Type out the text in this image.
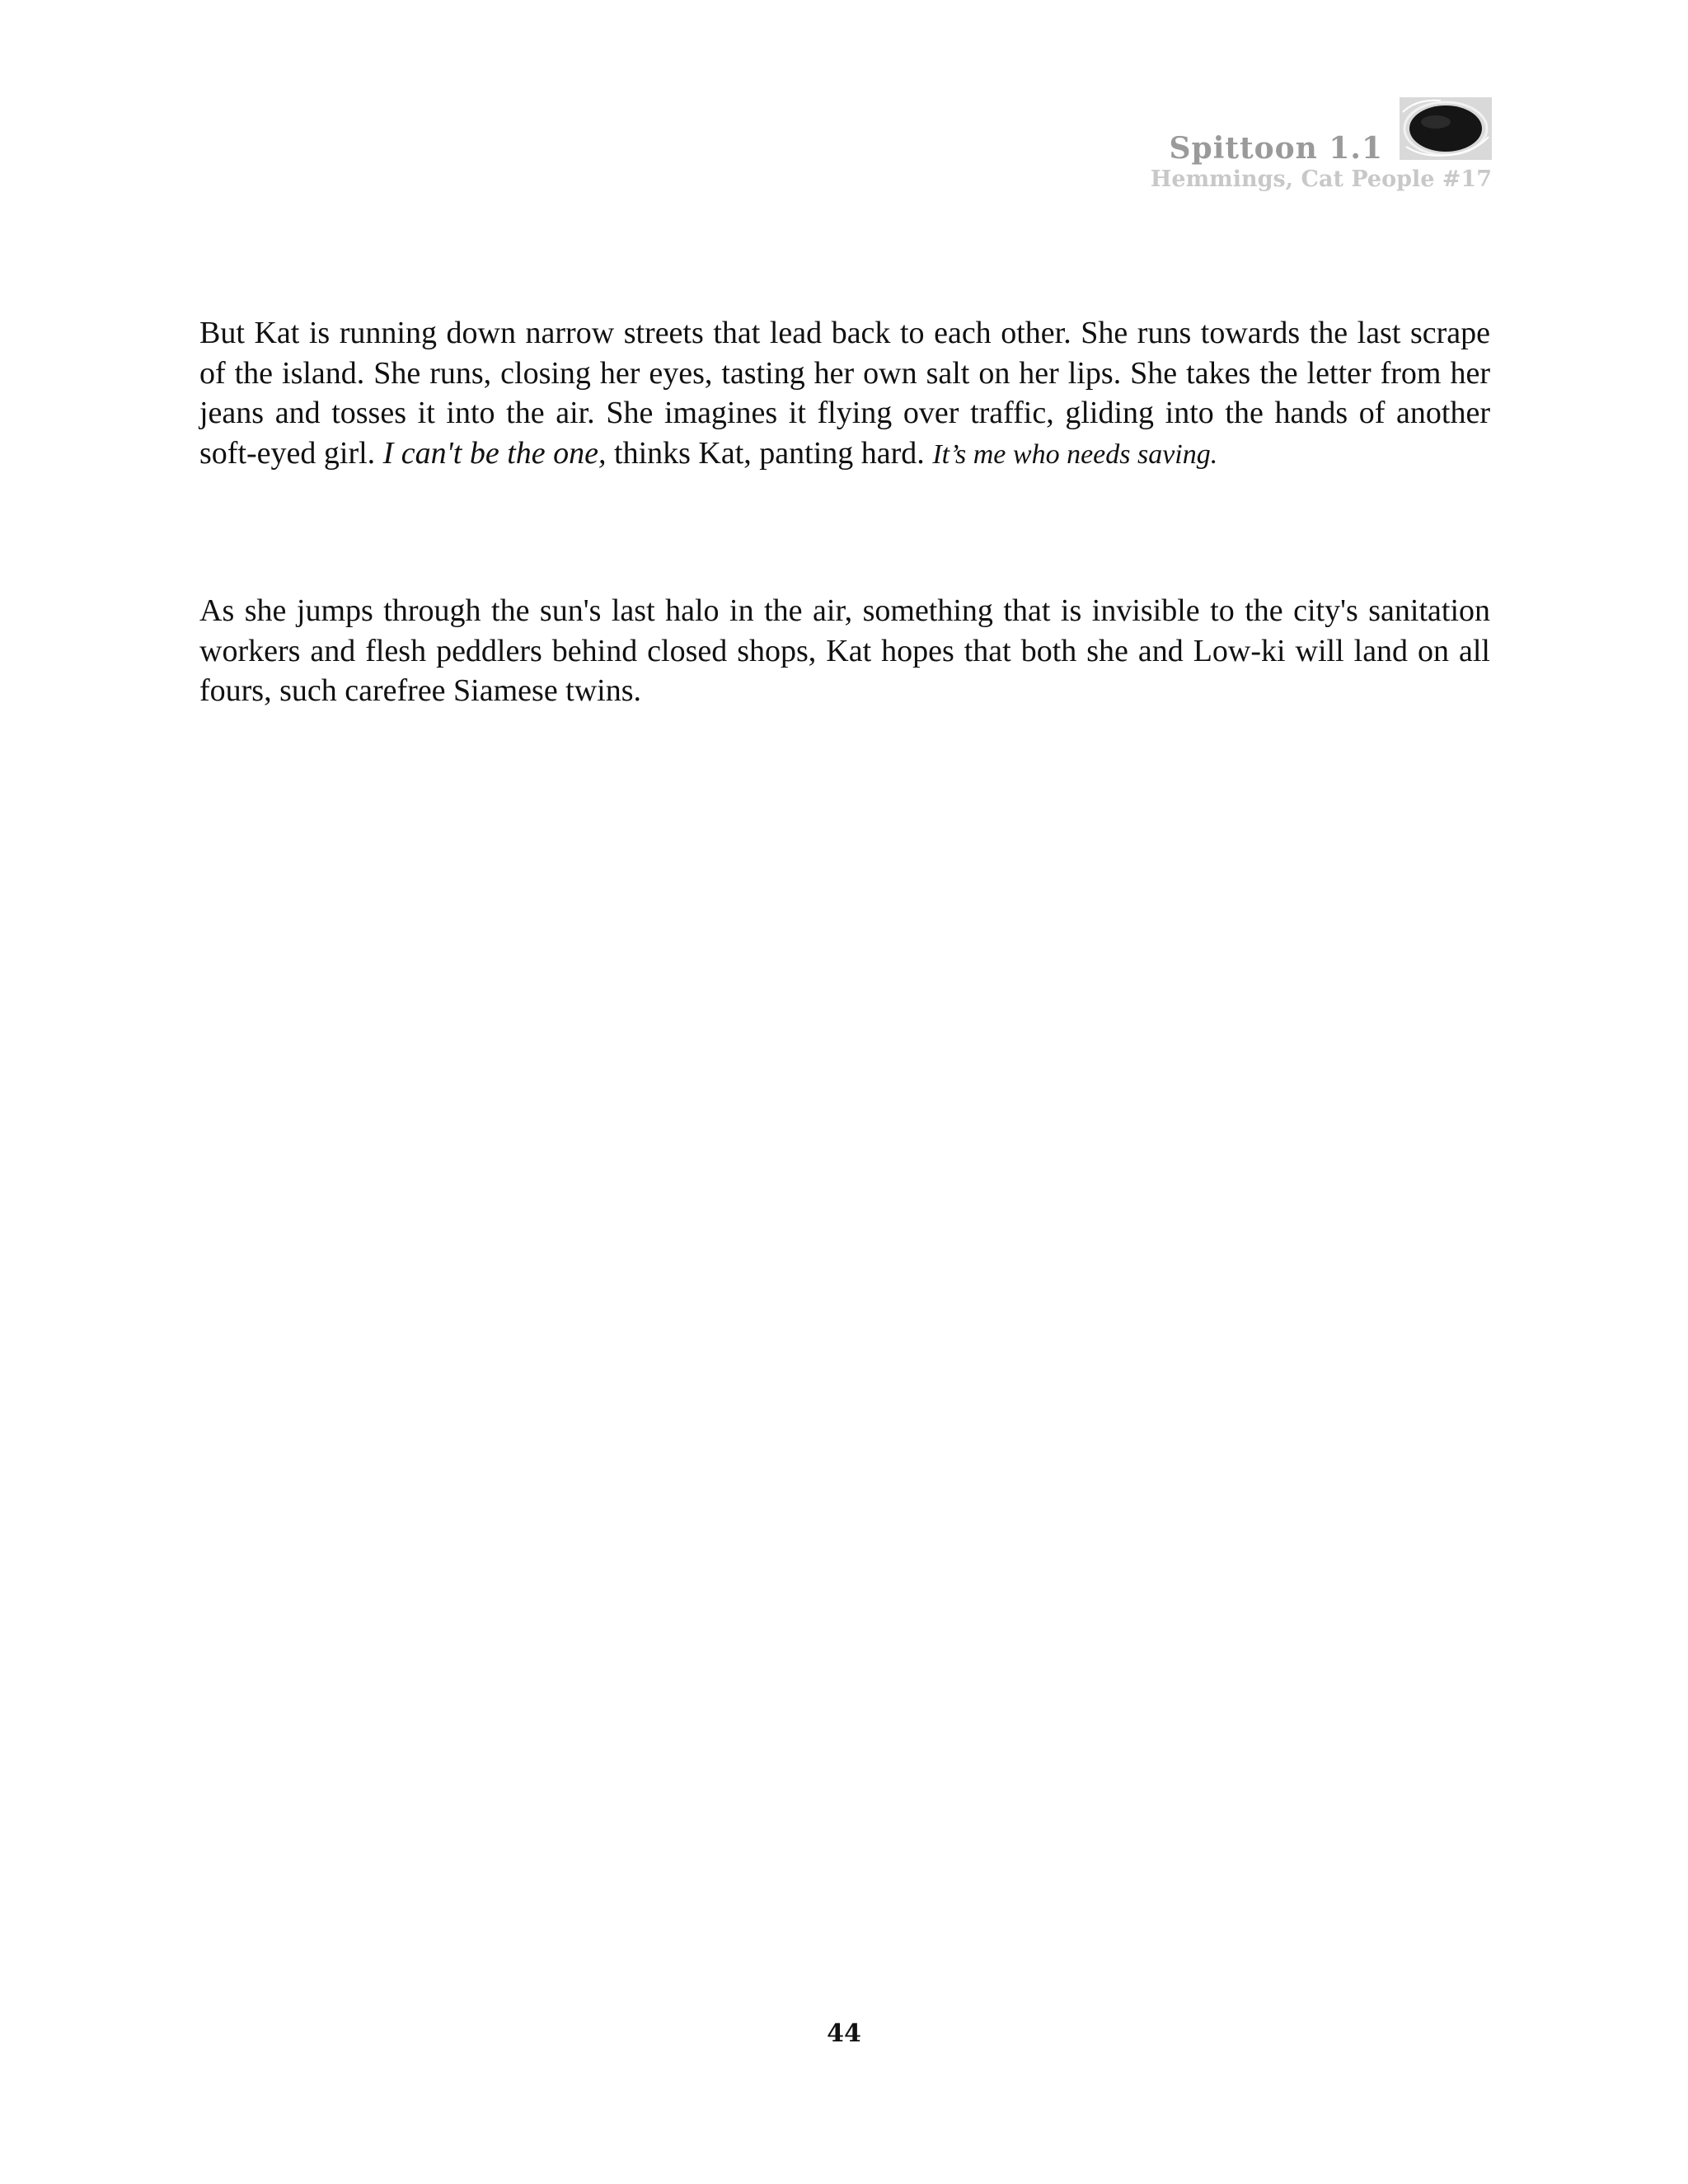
Spittoon 1.1
Hemmings, Cat People #17

But Kat is running down narrow streets that lead back to each other. She runs towards the last scrape of the island. She runs, closing her eyes, tasting her own salt on her lips. She takes the letter from her jeans and tosses it into the air. She imagines it flying over traffic, gliding into the hands of another soft-eyed girl. I can't be the one, thinks Kat, panting hard. It’s me who needs saving.

As she jumps through the sun's last halo in the air, something that is invisible to the city's sanitation workers and flesh peddlers behind closed shops, Kat hopes that both she and Low-ki will land on all fours, such carefree Siamese twins.

44
